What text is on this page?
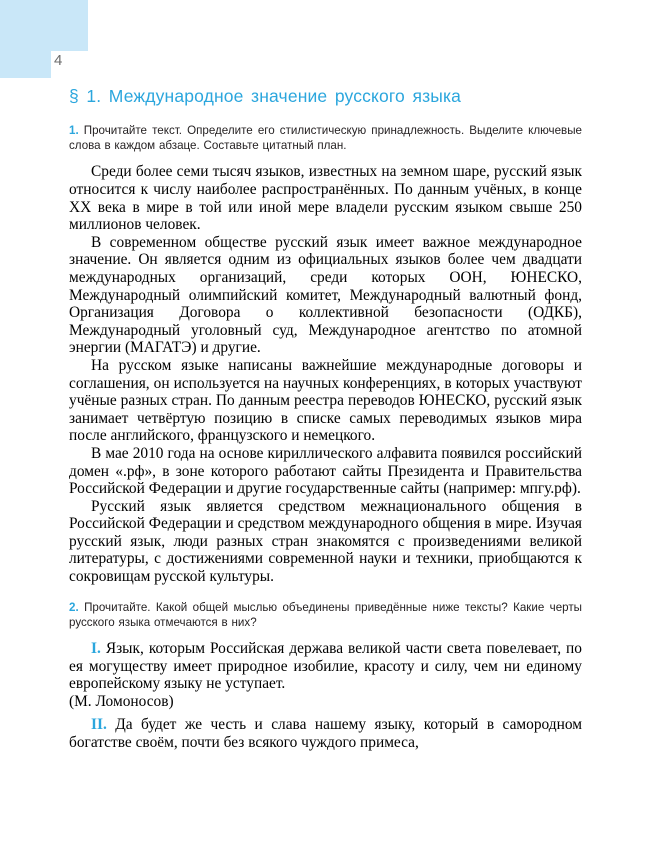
4
§ 1. Международное значение русского языка

1. Прочитайте текст. Определите его стилистическую принадлежность. Выделите ключевые слова в каждом абзаце. Составьте цитатный план.

Среди более семи тысяч языков, известных на земном шаре, русский язык относится к числу наиболее распространённых. По данным учёных, в конце XX века в мире в той или иной мере владели русским языком свыше 250 миллионов человек.

В современном обществе русский язык имеет важное международное значение. Он является одним из официальных языков более чем двадцати международных организаций, среди которых ООН, ЮНЕСКО, Международный олимпийский комитет, Международный валютный фонд, Организация Договора о коллективной безопасности (ОДКБ), Международный уголовный суд, Международное агентство по атомной энергии (МАГАТЭ) и другие.

На русском языке написаны важнейшие международные договоры и соглашения, он используется на научных конференциях, в которых участвуют учёные разных стран. По данным реестра переводов ЮНЕСКО, русский язык занимает четвёртую позицию в списке самых переводимых языков мира после английского, французского и немецкого.

В мае 2010 года на основе кириллического алфавита появился российский домен «.рф», в зоне которого работают сайты Президента и Правительства Российской Федерации и другие государственные сайты (например: мпгу.рф).

Русский язык является средством межнационального общения в Российской Федерации и средством международного общения в мире. Изучая русский язык, люди разных стран знакомятся с произведениями великой литературы, с достижениями современной науки и техники, приобщаются к сокровищам русской культуры.

2. Прочитайте. Какой общей мыслью объединены приведённые ниже тексты? Какие черты русского языка отмечаются в них?

I. Язык, которым Российская держава великой части света повелевает, по ея могуществу имеет природное изобилие, красоту и силу, чем ни единому европейскому языку не уступает.
(М. Ломоносов)

II. Да будет же честь и слава нашему языку, который в самородном богатстве своём, почти без всякого чуждого примеса,
